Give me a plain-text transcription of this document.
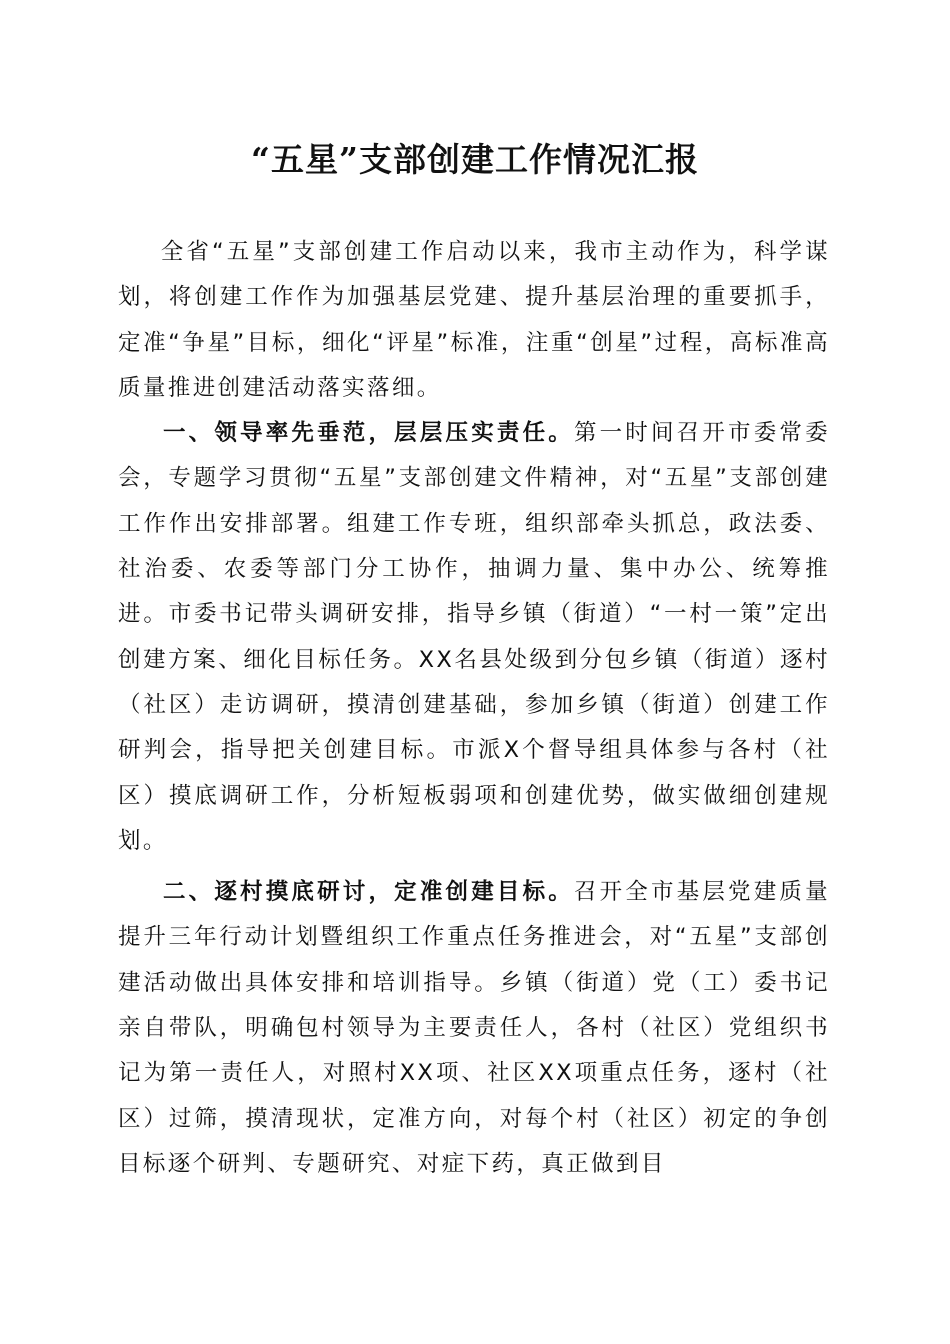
“五星”支部创建工作情况汇报

全省“五星”支部创建工作启动以来，我市主动作为，科学谋划，将创建工作作为加强基层党建、提升基层治理的重要抓手，定准“争星”目标，细化“评星”标准，注重“创星”过程，高标准高质量推进创建活动落实落细。

一、领导率先垂范，层层压实责任。第一时间召开市委常委会，专题学习贯彻“五星”支部创建文件精神，对“五星”支部创建工作作出安排部署。组建工作专班，组织部牵头抓总，政法委、社治委、农委等部门分工协作，抽调力量、集中办公、统筹推进。市委书记带头调研安排，指导乡镇（街道）“一村一策”定出创建方案、细化目标任务。XX名县处级到分包乡镇（街道）逐村（社区）走访调研，摸清创建基础，参加乡镇（街道）创建工作研判会，指导把关创建目标。市派X个督导组具体参与各村（社区）摸底调研工作，分析短板弱项和创建优势，做实做细创建规划。

二、逐村摸底研讨，定准创建目标。召开全市基层党建质量提升三年行动计划暨组织工作重点任务推进会，对“五星”支部创建活动做出具体安排和培训指导。乡镇（街道）党（工）委书记亲自带队，明确包村领导为主要责任人，各村（社区）党组织书记为第一责任人，对照村XX项、社区XX项重点任务，逐村（社区）过筛，摸清现状，定准方向，对每个村（社区）初定的争创目标逐个研判、专题研究、对症下药，真正做到目
